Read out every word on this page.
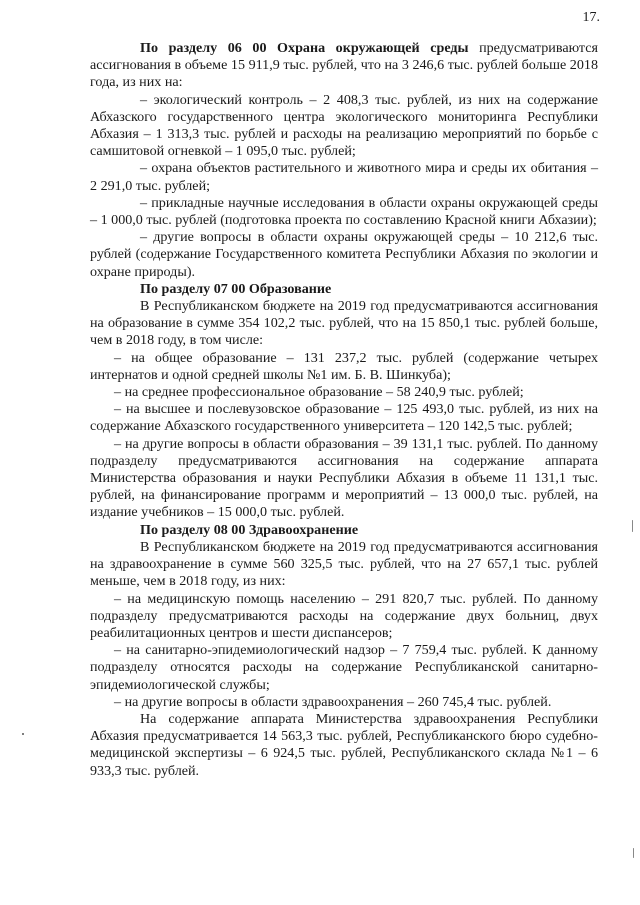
17.

По разделу 06 00 Охрана окружающей среды предусматриваются ассигнования в объеме 15 911,9 тыс. рублей, что на 3 246,6 тыс. рублей больше 2018 года, из них на:

– экологический контроль – 2 408,3 тыс. рублей, из них на содержание Абхазского государственного центра экологического мониторинга Республики Абхазия – 1 313,3 тыс. рублей и расходы на реализацию мероприятий по борьбе с самшитовой огневкой – 1 095,0 тыс. рублей;

– охрана объектов растительного и животного мира и среды их обитания – 2 291,0 тыс. рублей;

– прикладные научные исследования в области охраны окружающей среды – 1 000,0 тыс. рублей (подготовка проекта по составлению Красной книги Абхазии);

– другие вопросы в области охраны окружающей среды – 10 212,6 тыс. рублей (содержание Государственного комитета Республики Абхазия по экологии и охране природы).

По разделу 07 00 Образование

В Республиканском бюджете на 2019 год предусматриваются ассигнования на образование в сумме 354 102,2 тыс. рублей, что на 15 850,1 тыс. рублей больше, чем в 2018 году, в том числе:

– на общее образование – 131 237,2 тыс. рублей (содержание четырех интернатов и одной средней школы №1 им. Б. В. Шинкуба);

– на среднее профессиональное образование – 58 240,9 тыс. рублей;

– на высшее и послевузовское образование – 125 493,0 тыс. рублей, из них на содержание Абхазского государственного университета – 120 142,5 тыс. рублей;

– на другие вопросы в области образования – 39 131,1 тыс. рублей. По данному подразделу предусматриваются ассигнования на содержание аппарата Министерства образования и науки Республики Абхазия в объеме 11 131,1 тыс. рублей, на финансирование программ и мероприятий – 13 000,0 тыс. рублей, на издание учебников – 15 000,0 тыс. рублей.

По разделу 08 00 Здравоохранение

В Республиканском бюджете на 2019 год предусматриваются ассигнования на здравоохранение в сумме 560 325,5 тыс. рублей, что на 27 657,1 тыс. рублей меньше, чем в 2018 году, из них:

– на медицинскую помощь населению – 291 820,7 тыс. рублей. По данному подразделу предусматриваются расходы на содержание двух больниц, двух реабилитационных центров и шести диспансеров;

– на санитарно-эпидемиологический надзор – 7 759,4 тыс. рублей. К данному подразделу относятся расходы на содержание Республиканской санитарно-эпидемиологической службы;

– на другие вопросы в области здравоохранения – 260 745,4 тыс. рублей.

На содержание аппарата Министерства здравоохранения Республики Абхазия предусматривается 14 563,3 тыс. рублей, Республиканского бюро судебно-медицинской экспертизы – 6 924,5 тыс. рублей, Республиканского склада №1 – 6 933,3 тыс. рублей.
